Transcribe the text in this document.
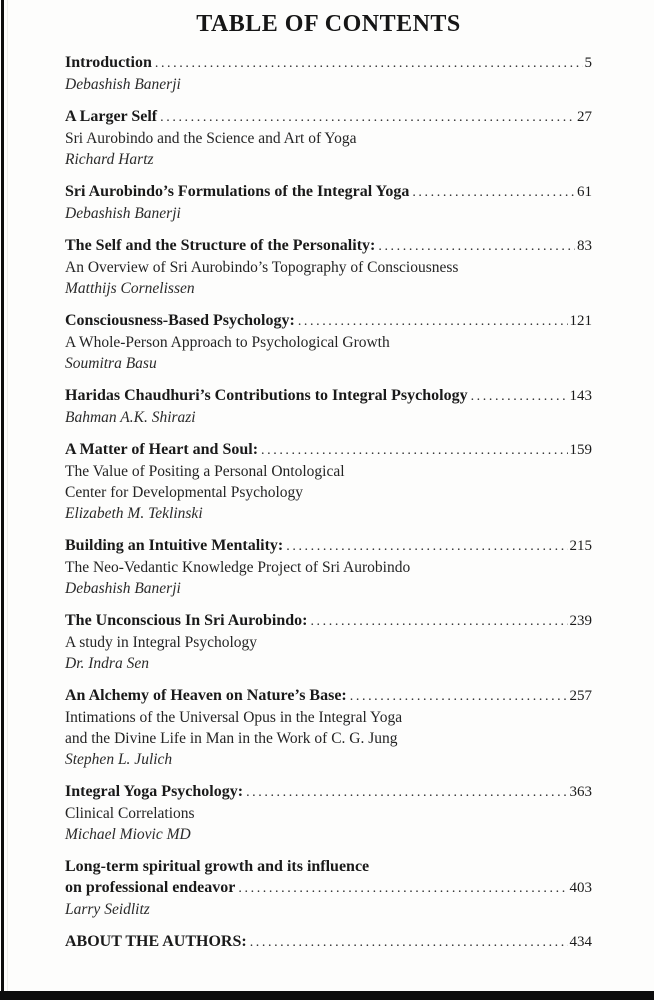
TABLE OF CONTENTS
Introduction .....	5
Debashish Banerji
A Larger Self .....	27
Sri Aurobindo and the Science and Art of Yoga
Richard Hartz
Sri Aurobindo’s Formulations of the Integral Yoga .....	61
Debashish Banerji
The Self and the Structure of the Personality: .....	83
An Overview of Sri Aurobindo’s Topography of Consciousness
Matthijs Cornelissen
Consciousness-Based Psychology: .....	121
A Whole-Person Approach to Psychological Growth
Soumitra Basu
Haridas Chaudhuri’s Contributions to Integral Psychology .....	143
Bahman A.K. Shirazi
A Matter of Heart and Soul: .....	159
The Value of Positing a Personal Ontological
Center for Developmental Psychology
Elizabeth M. Teklinski
Building an Intuitive Mentality: .....	215
The Neo-Vedantic Knowledge Project of Sri Aurobindo
Debashish Banerji
The Unconscious In Sri Aurobindo: .....	239
A study in Integral Psychology
Dr. Indra Sen
An Alchemy of Heaven on Nature’s Base: .....	257
Intimations of the Universal Opus in the Integral Yoga
and the Divine Life in Man in the Work of C. G. Jung
Stephen L. Julich
Integral Yoga Psychology: .....	363
Clinical Correlations
Michael Miovic MD
Long-term spiritual growth and its influence
on professional endeavor .....	403
Larry Seidlitz
ABOUT THE AUTHORS: .....	434
